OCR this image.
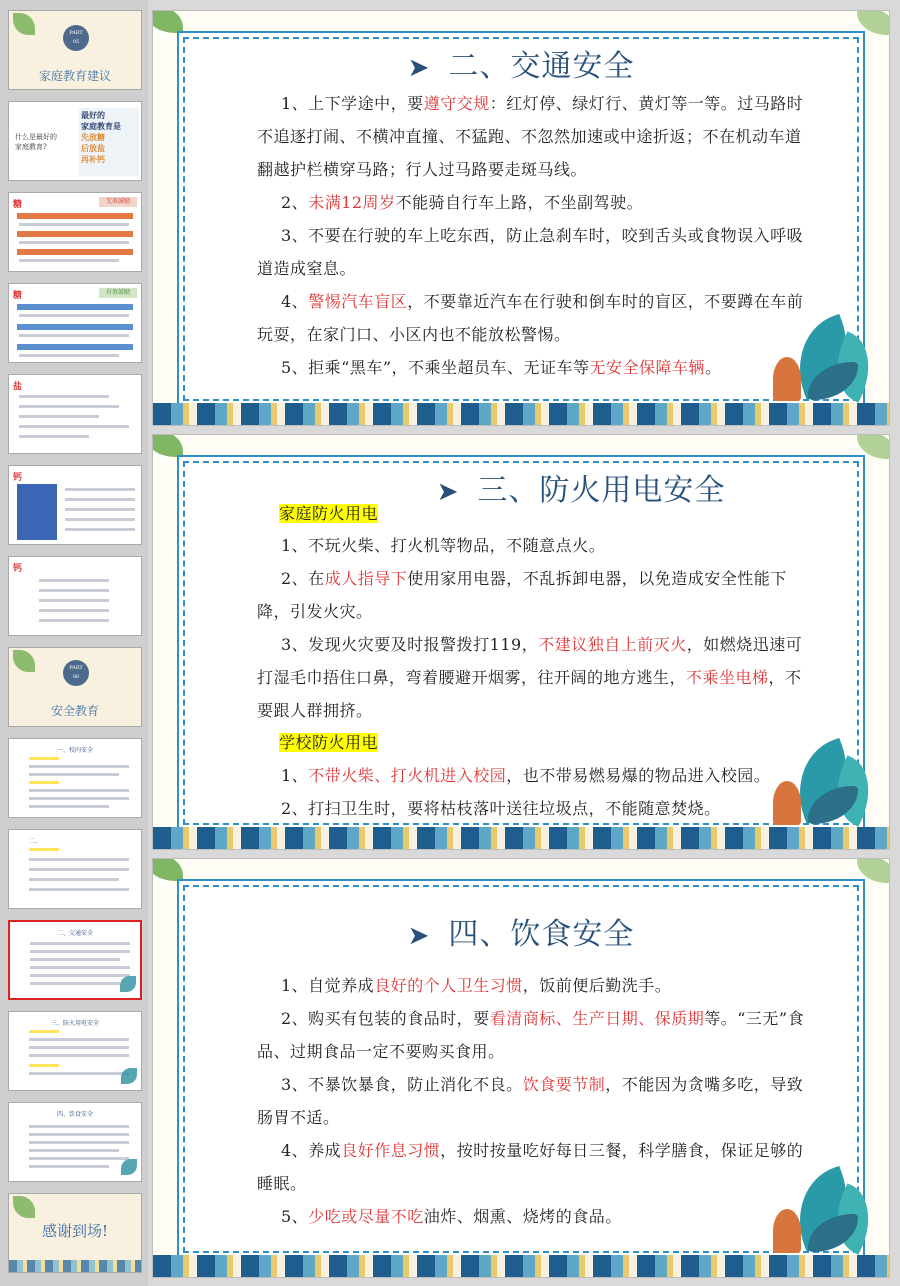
PART
05
家庭教育建议
什么是最好的家庭教育?
最好的
家庭教育是
先放糖
后放盐
再补钙
糖	无效鼓励
糖	有效鼓励
盐
钙
钙
PART
06
安全教育
一、校内安全
二、
二、交通安全
三、防火用电安全
四、饮食安全
感谢到场!
➤ 二、交通安全
1、上下学途中，要遵守交规：红灯停、绿灯行、黄灯等一等。过马路时不追逐打闹、不横冲直撞、不猛跑、不忽然加速或中途折返；不在机动车道翻越护栏横穿马路；行人过马路要走斑马线。
2、未满12周岁不能骑自行车上路，不坐副驾驶。
3、不要在行驶的车上吃东西，防止急刹车时，咬到舌头或食物误入呼吸道造成窒息。
4、警惕汽车盲区，不要靠近汽车在行驶和倒车时的盲区，不要蹲在车前玩耍，在家门口、小区内也不能放松警惕。
5、拒乘“黑车”，不乘坐超员车、无证车等无安全保障车辆。
➤ 三、防火用电安全
家庭防火用电
1、不玩火柴、打火机等物品，不随意点火。
2、在成人指导下使用家用电器，不乱拆卸电器，以免造成安全性能下降，引发火灾。
3、发现火灾要及时报警拨打119，不建议独自上前灭火，如燃烧迅速可打湿毛巾捂住口鼻，弯着腰避开烟雾，往开阔的地方逃生，不乘坐电梯，不要跟人群拥挤。
学校防火用电
1、不带火柴、打火机进入校园，也不带易燃易爆的物品进入校园。
2、打扫卫生时，要将枯枝落叶送往垃圾点，不能随意焚烧。
➤ 四、饮食安全
1、自觉养成良好的个人卫生习惯，饭前便后勤洗手。
2、购买有包装的食品时，要看清商标、生产日期、保质期等。“三无”食品、过期食品一定不要购买食用。
3、不暴饮暴食，防止消化不良。饮食要节制，不能因为贪嘴多吃，导致肠胃不适。
4、养成良好作息习惯，按时按量吃好每日三餐，科学膳食，保证足够的睡眠。
5、少吃或尽量不吃油炸、烟熏、烧烤的食品。
